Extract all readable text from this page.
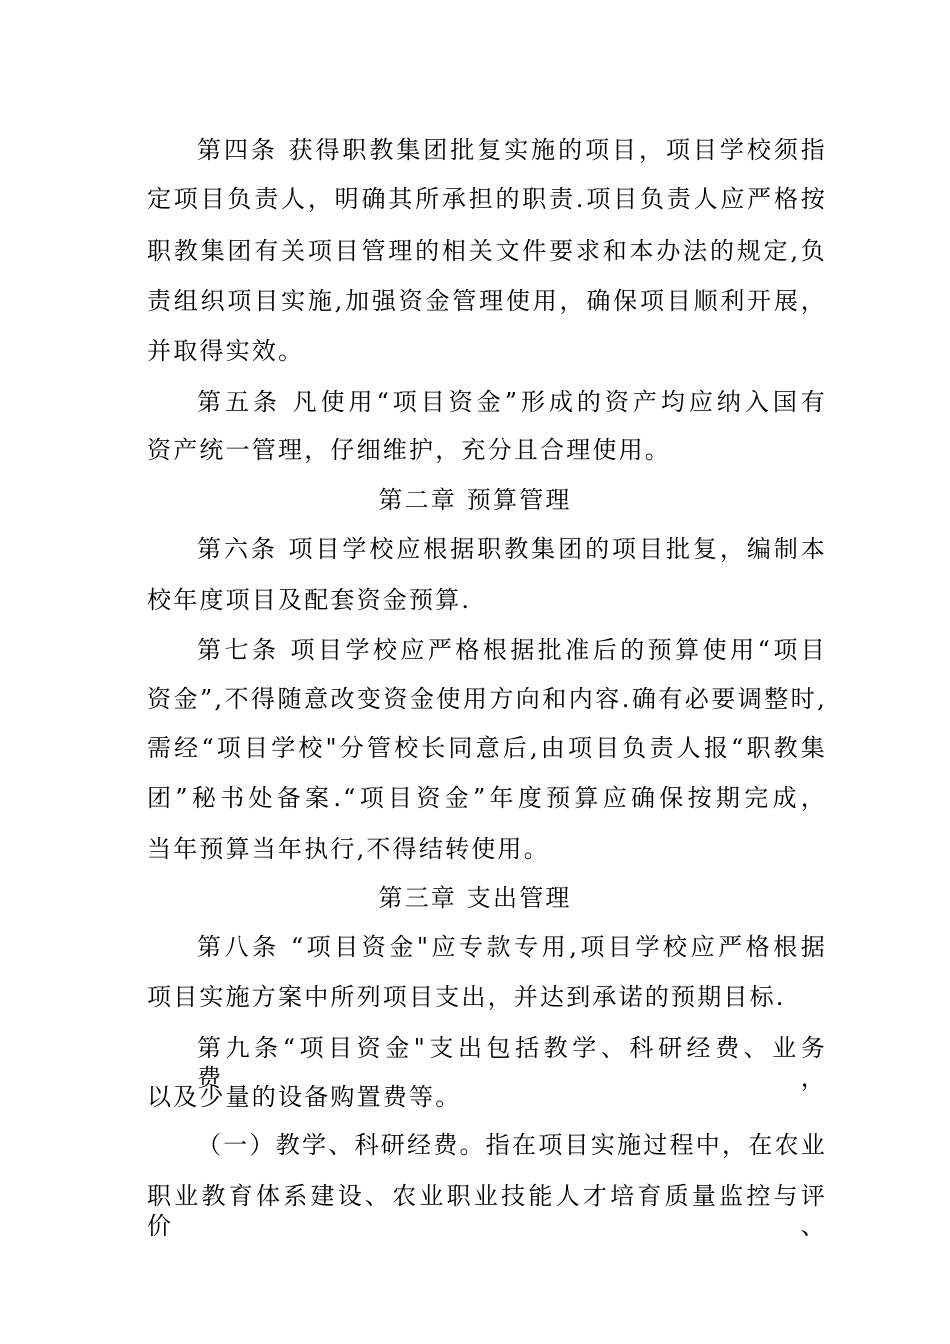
第四条 获得职教集团批复实施的项目，项目学校须指
定项目负责人，明确其所承担的职责.项目负责人应严格按
职教集团有关项目管理的相关文件要求和本办法的规定,负
责组织项目实施,加强资金管理使用，确保项目顺利开展，
并取得实效。
第五条 凡使用“项目资金”形成的资产均应纳入国有
资产统一管理，仔细维护，充分且合理使用。
第二章 预算管理
第六条 项目学校应根据职教集团的项目批复，编制本
校年度项目及配套资金预算.
第七条 项目学校应严格根据批准后的预算使用“项目
资金”,不得随意改变资金使用方向和内容.确有必要调整时,
需经“项目学校"分管校长同意后,由项目负责人报“职教集
团”秘书处备案.“项目资金”年度预算应确保按期完成，
当年预算当年执行,不得结转使用。
第三章 支出管理
第八条 “项目资金"应专款专用,项目学校应严格根据
项目实施方案中所列项目支出，并达到承诺的预期目标.
第九条“项目资金"支出包括教学、科研经费、业务费，
以及少量的设备购置费等。
（一）教学、科研经费。指在项目实施过程中，在农业
职业教育体系建设、农业职业技能人才培育质量监控与评价、
